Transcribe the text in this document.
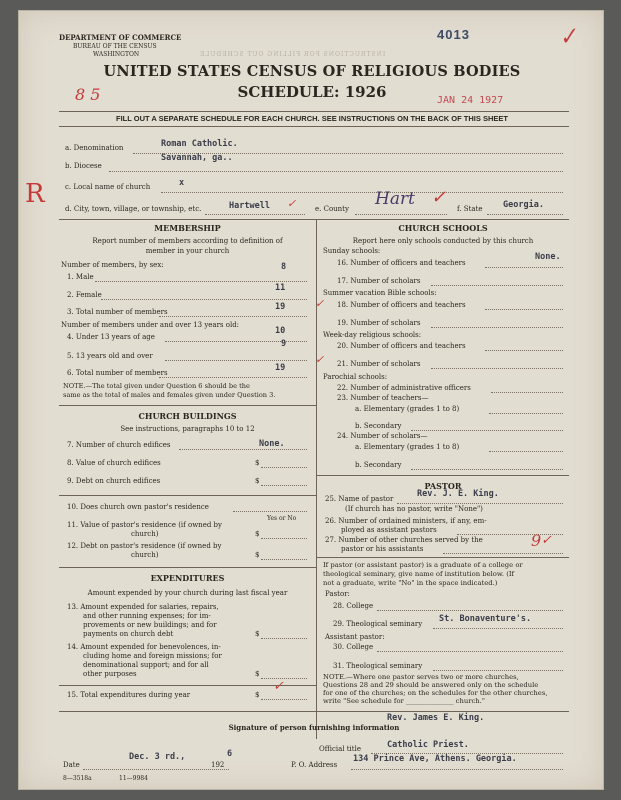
DEPARTMENT OF COMMERCE
BUREAU OF THE CENSUS
WASHINGTON
4013	✓
INSTRUCTIONS FOR FILLING OUT SCHEDULE
UNITED STATES CENSUS OF RELIGIOUS BODIES
SCHEDULE: 1926
8 5	JAN 24 1927
FILL OUT A SEPARATE SCHEDULE FOR EACH CHURCH. SEE INSTRUCTIONS ON THE BACK OF THIS SHEET
a. Denomination	Roman Catholic.
b. Diocese
Savannah, ga..
R	c. Local name of church	x
d. City, town, village, or township, etc.	Hartwell ✓	e. County Hart ✓
f. State Georgia.
MEMBERSHIP
Report number of members according to definition of
member in your church
Number of members, by sex:
1. Male
8
2. Female
11
3. Total number of members	19
Number of members under and over 13 years old:
4. Under 13 years of age
10
5. 13 years old and over
9
6. Total number of members	19
NOTE.—The total given under Question 6 should be the
same as the total of males and females given under Question 3.
CHURCH BUILDINGS
See instructions, paragraphs 10 to 12
7. Number of church edifices	None.
8. Value of church edifices	$
9. Debt on church edifices	$
10. Does church own pastor's residence
Yes or No
11. Value of pastor's residence (if owned by
church)	$
12. Debt on pastor's residence (if owned by
church)	$
EXPENDITURES
Amount expended by your church during last fiscal year
13. Amount expended for salaries, repairs,
and other running expenses; for im-
provements or new buildings; and for
payments on church debt	$
14. Amount expended for benevolences, in-
cluding home and foreign missions; for
denominational support; and for all
other purposes	$
15. Total expenditures during year	$
✓
CHURCH SCHOOLS
Report here only schools conducted by this church
Sunday schools:
16. Number of officers and teachers
None.
17. Number of scholars
Summer vacation Bible schools:
✓ 18. Number of officers and teachers
19. Number of scholars
Week-day religious schools:
20. Number of officers and teachers
✓ 21. Number of scholars
Parochial schools:
22. Number of administrative officers
23. Number of teachers—
a. Elementary (grades 1 to 8)
b. Secondary
24. Number of scholars—
a. Elementary (grades 1 to 8)
b. Secondary
PASTOR
25. Name of pastor	Rev. J. E. King.
(If church has no pastor, write "None")
26. Number of ordained ministers, if any, em-
ployed as assistant pastors
27. Number of other churches served by the
pastor or his assistants	9 ✓
If pastor (or assistant pastor) is a graduate of a college or
theological seminary, give name of institution below. (If
not a graduate, write "No" in the space indicated.)
Pastor:
28. College
29. Theological seminary St. Bonaventure's.
Assistant pastor:
30. College
31. Theological seminary
NOTE.—Where one pastor serves two or more churches,
Questions 28 and 29 should be answered only on the schedule
for one of the churches; on the schedules for the other churches,
write "See schedule for ______________ church."
Rev. James E. King.
Signature of person furnishing information
Official title	Catholic Priest.
Date
Dec. 3 rd.,
192
6
P. O. Address
134 Prince Ave, Athens. Georgia.
8—3518a	11—9984
